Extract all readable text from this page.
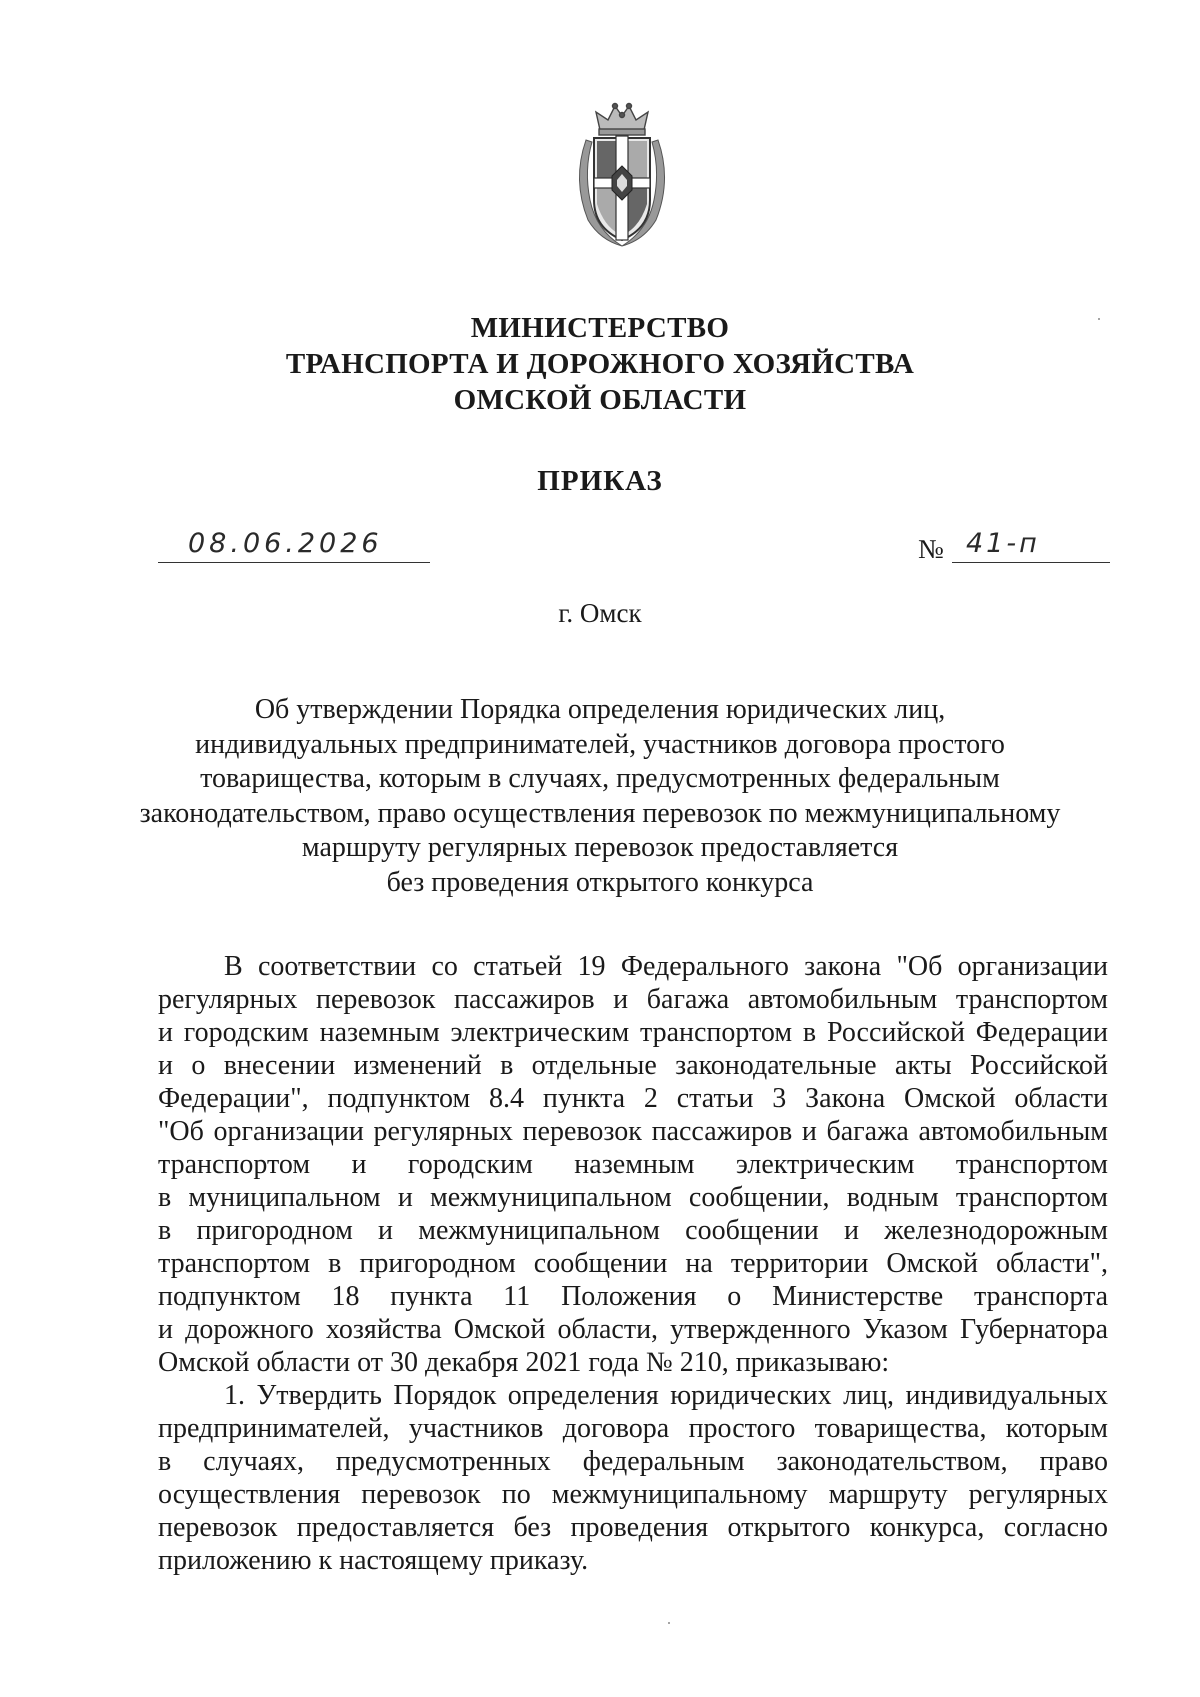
МИНИСТЕРСТВО
ТРАНСПОРТА И ДОРОЖНОГО ХОЗЯЙСТВА
ОМСКОЙ ОБЛАСТИ
ПРИКАЗ
08.06.2026	№ 41-п
г. Омск
Об утверждении Порядка определения юридических лиц,
индивидуальных предпринимателей, участников договора простого
товарищества, которым в случаях, предусмотренных федеральным
законодательством, право осуществления перевозок по межмуниципальному
маршруту регулярных перевозок предоставляется
без проведения открытого конкурса
В соответствии со статьей 19 Федерального закона "Об организации
регулярных перевозок пассажиров и багажа автомобильным транспортом
и городским наземным электрическим транспортом в Российской Федерации
и о внесении изменений в отдельные законодательные акты Российской
Федерации", подпунктом 8.4 пункта 2 статьи 3 Закона Омской области
"Об организации регулярных перевозок пассажиров и багажа автомобильным
транспортом и городским наземным электрическим транспортом
в муниципальном и межмуниципальном сообщении, водным транспортом
в пригородном и межмуниципальном сообщении и железнодорожным
транспортом в пригородном сообщении на территории Омской области",
подпунктом 18 пункта 11 Положения о Министерстве транспорта
и дорожного хозяйства Омской области, утвержденного Указом Губернатора
Омской области от 30 декабря 2021 года № 210, приказываю:
1. Утвердить Порядок определения юридических лиц, индивидуальных
предпринимателей, участников договора простого товарищества, которым
в случаях, предусмотренных федеральным законодательством, право
осуществления перевозок по межмуниципальному маршруту регулярных
перевозок предоставляется без проведения открытого конкурса, согласно
приложению к настоящему приказу.
